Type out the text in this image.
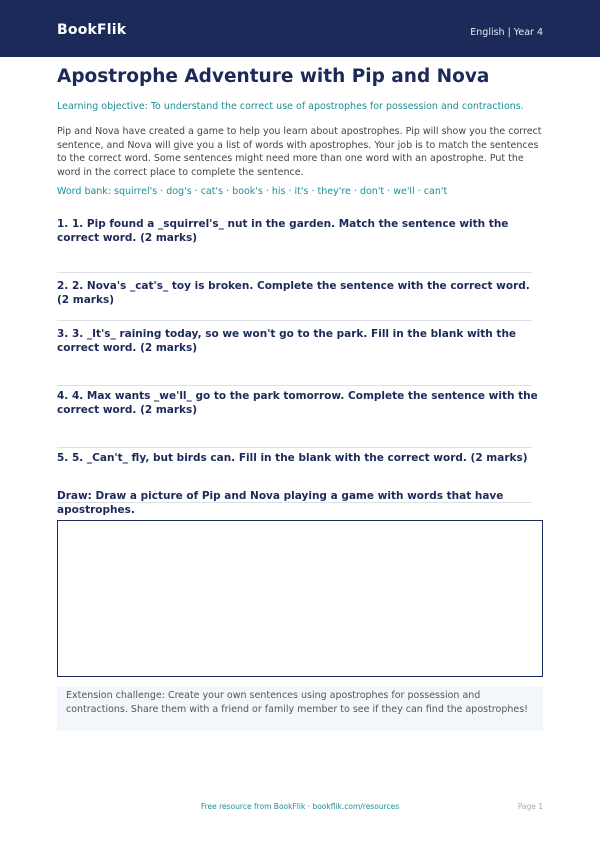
BookFlik	English | Year 4
Apostrophe Adventure with Pip and Nova
Learning objective: To understand the correct use of apostrophes for possession and contractions.
Pip and Nova have created a game to help you learn about apostrophes. Pip will show you the correct sentence, and Nova will give you a list of words with apostrophes. Your job is to match the sentences to the correct word. Some sentences might need more than one word with an apostrophe. Put the word in the correct place to complete the sentence.
Word bank: squirrel's · dog's · cat's · book's · his · it's · they're · don't · we'll · can't
1. 1. Pip found a _squirrel's_ nut in the garden. Match the sentence with the correct word. (2 marks)
2. 2. Nova's _cat's_ toy is broken. Complete the sentence with the correct word. (2 marks)
3. 3. _It's_ raining today, so we won't go to the park. Fill in the blank with the correct word. (2 marks)
4. 4. Max wants _we'll_ go to the park tomorrow. Complete the sentence with the correct word. (2 marks)
5. 5. _Can't_ fly, but birds can. Fill in the blank with the correct word. (2 marks)
Draw: Draw a picture of Pip and Nova playing a game with words that have apostrophes.
Extension challenge: Create your own sentences using apostrophes for possession and contractions. Share them with a friend or family member to see if they can find the apostrophes!
Free resource from BookFlik · bookflik.com/resources	Page 1
